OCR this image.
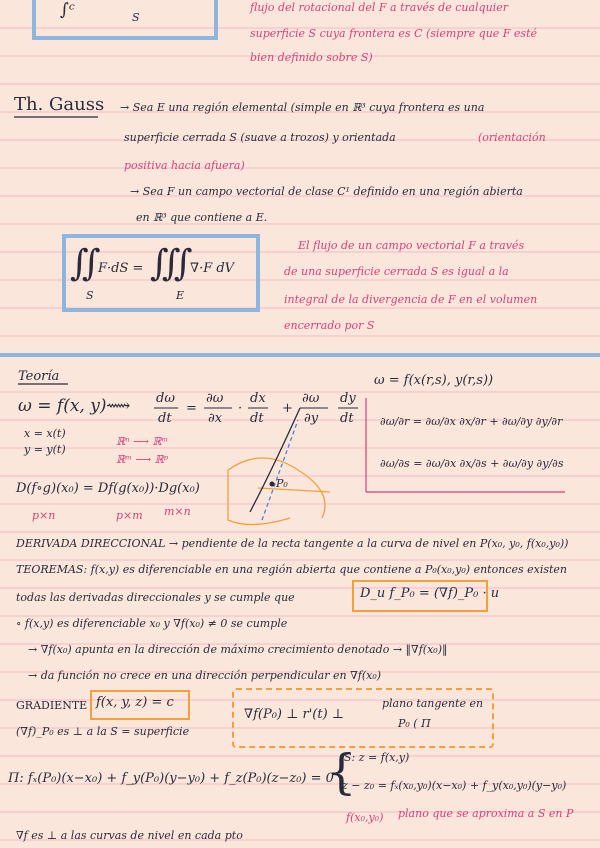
∫ᶜ	S
flujo del rotacional del F a través de cualquier
superficie S cuya frontera es C (siempre que F esté
bien definido sobre S)
Th. Gauss → Sea E una región elemental (simple en ℝ³ cuya frontera es una
superficie cerrada S (suave a trozos) y orientada	(orientación
positiva hacia afuera)
→ Sea F un campo vectorial de clase C¹ definido en una región abierta
en ℝ³ que contiene a E.
∬
F·dS = ∭
∇·F dV
S	E
El flujo de un campo vectorial F a través
de una superficie cerrada S es igual a la
integral de la divergencia de F en el volumen
encerrado por S
Teoría
ω = f(x, y) ⟿ dω
dt
=
∂ω
∂x
·
dx
dt
+
∂ω
∂y
dy
dt
x = x(t)
y = y(t)
ℝⁿ ⟶ ℝᵐ
ℝᵐ ⟶ ℝᵖ
ω = f(x(r,s), y(r,s))
∂ω/∂r = ∂ω/∂x ∂x/∂r + ∂ω/∂y ∂y/∂r
∂ω/∂s = ∂ω/∂x ∂x/∂s + ∂ω/∂y ∂y/∂s
P₀
D(f∘g)(x₀) = Df(g(x₀))·Dg(x₀)
p×n	p×m m×n
DERIVADA DIRECCIONAL → pendiente de la recta tangente a la curva de nivel en P(x₀, y₀, f(x₀,y₀))
TEOREMAS: f(x,y) es diferenciable en una región abierta que contiene a P₀(x₀,y₀) entonces existen
todas las derivadas direccionales y se cumple que	D_u f_P₀ = (∇f)_P₀ · u
∘ f(x,y) es diferenciable x₀ y ∇f(x₀) ≠ 0 se cumple
→ ∇f(x₀) apunta en la dirección de máximo crecimiento denotado → ‖∇f(x₀)‖
→ da función no crece en una dirección perpendicular en ∇f(x₀)
GRADIENTE f(x, y, z) = c
(∇f)_P₀ es ⊥ a la S = superficie
∇f(P₀) ⊥ r'(t) ⊥
plano tangente en
P₀ ( Π
Π: fₓ(P₀)(x−x₀) + f_y(P₀)(y−y₀) + f_z(P₀)(z−z₀) = 0
{
S: z = f(x,y)
z − z₀ = fₓ(x₀,y₀)(x−x₀) + f_y(x₀,y₀)(y−y₀)
f(x₀,y₀) plano que se aproxima a S en P
∇f es ⊥ a las curvas de nivel en cada pto
